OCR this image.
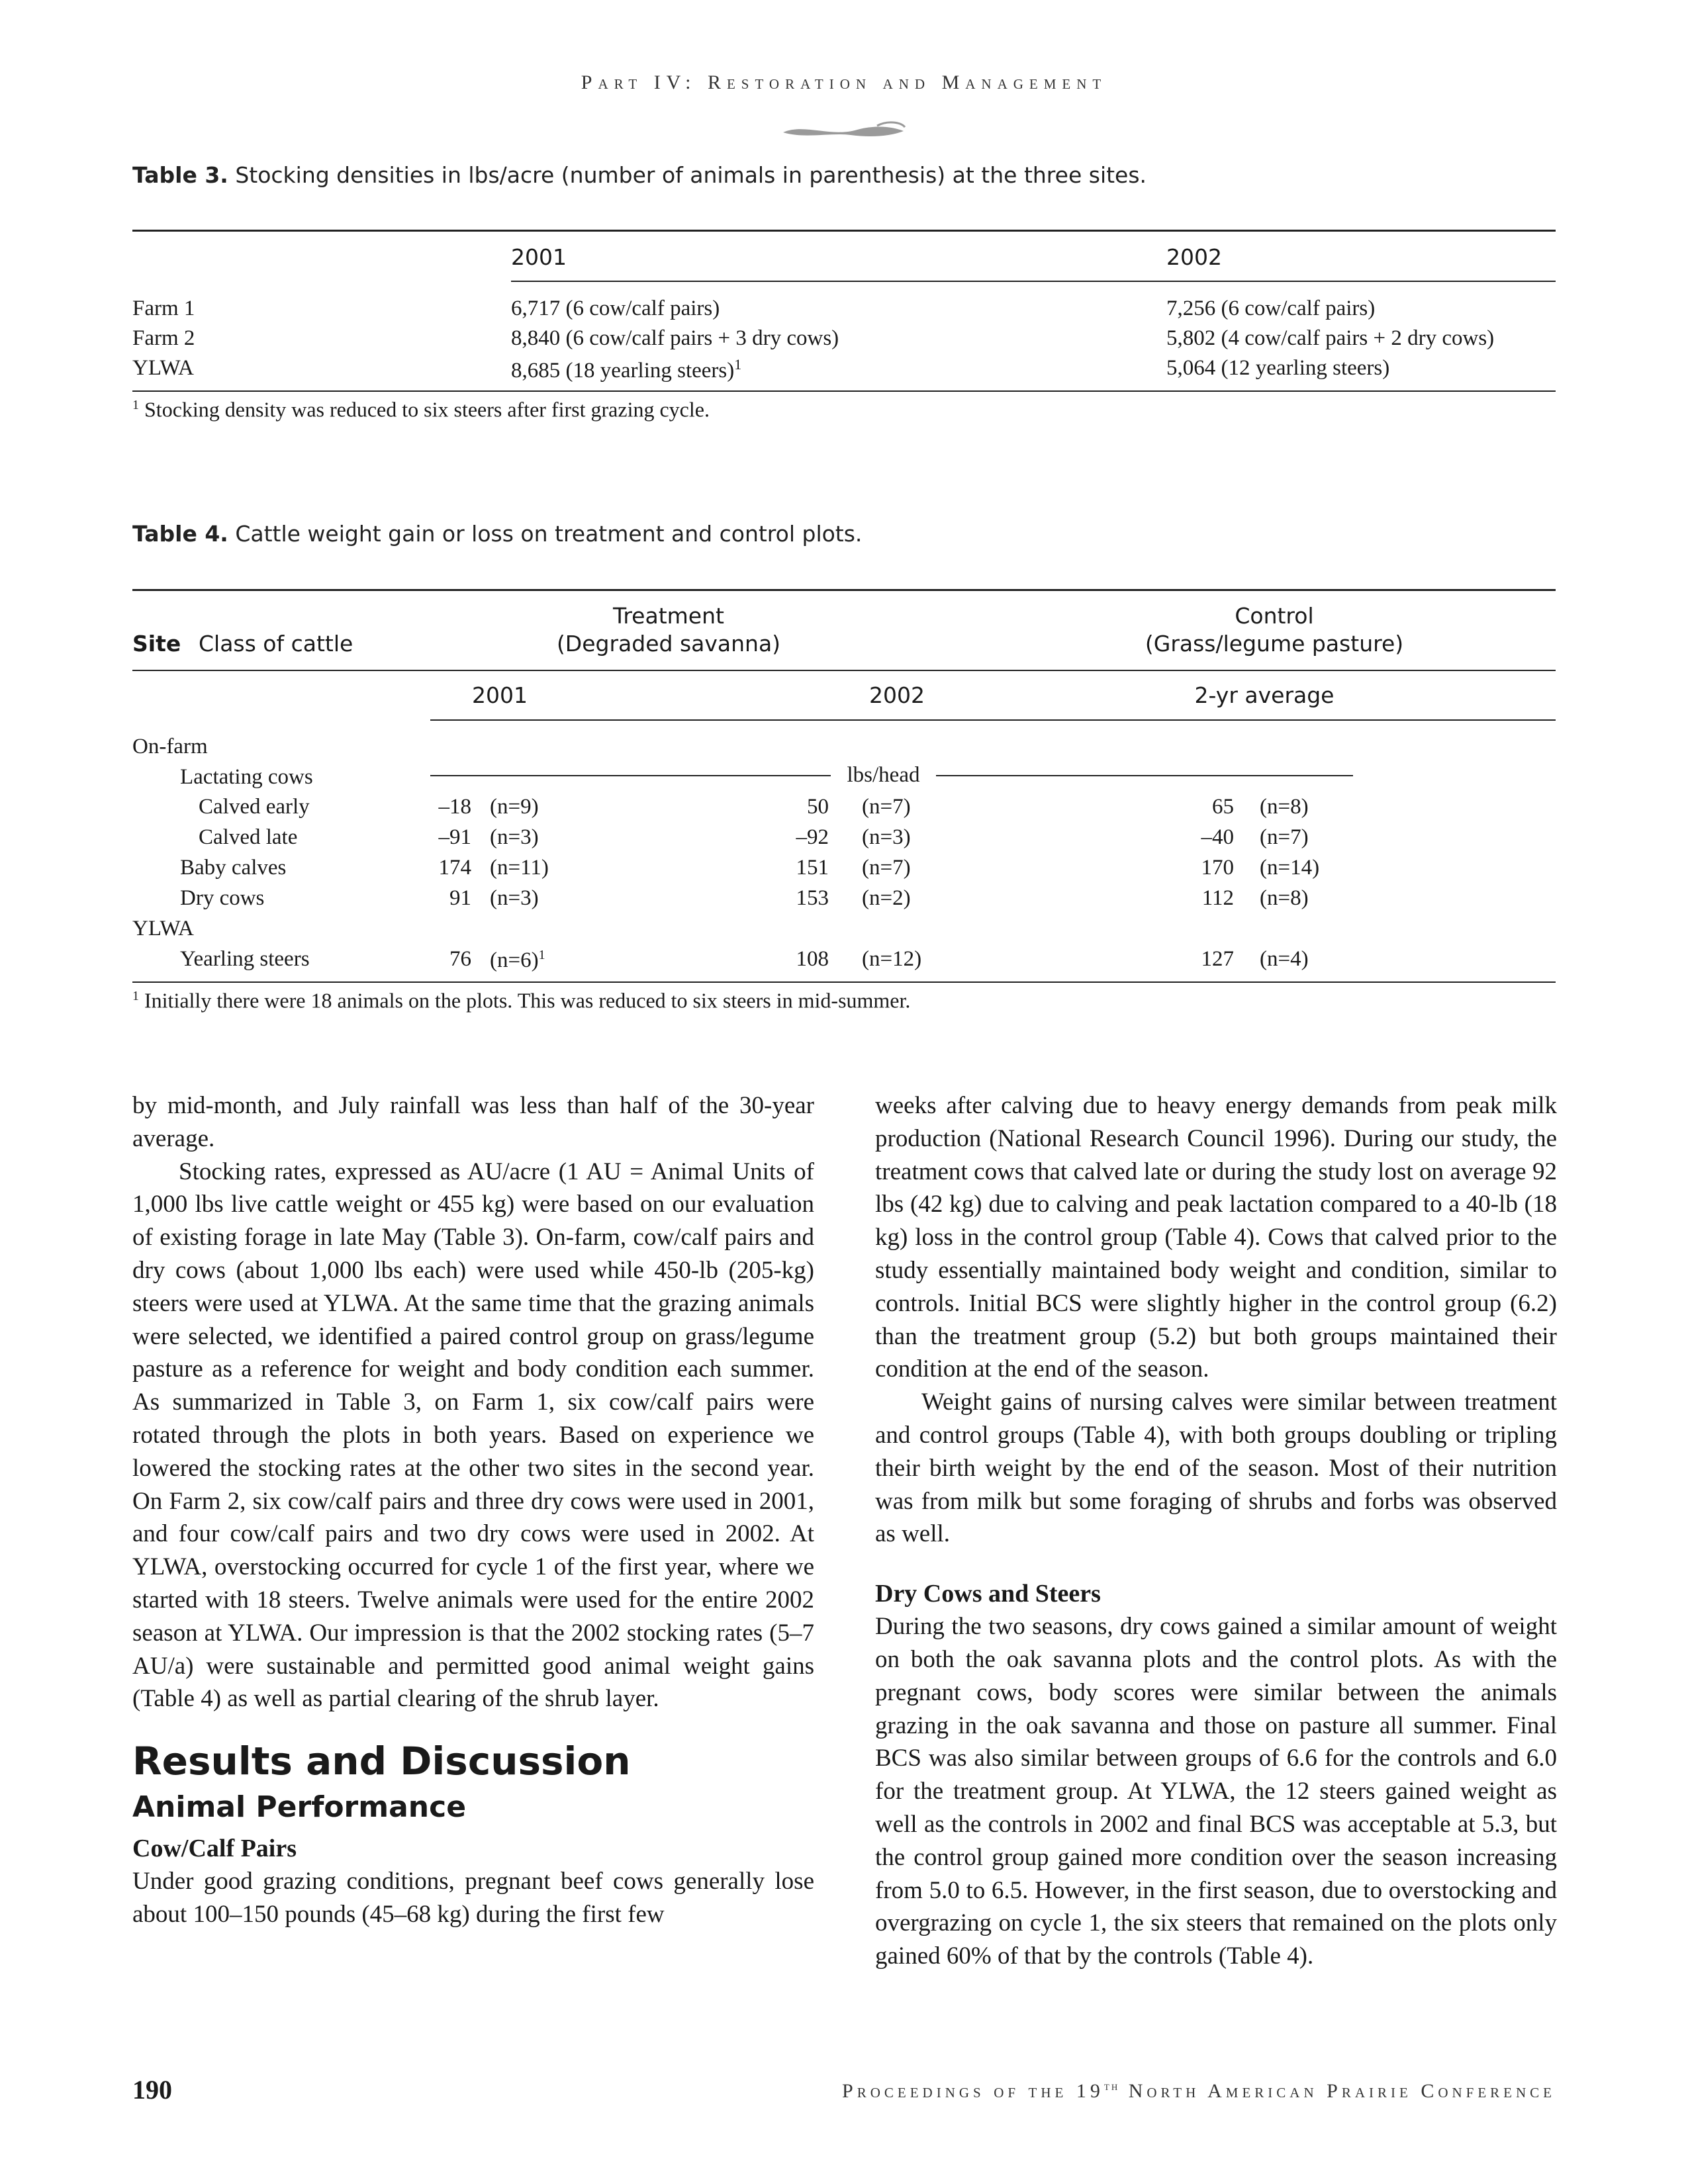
Part IV: Restoration and Management
Table 3. Stocking densities in lbs/acre (number of animals in parenthesis) at the three sites.
2001	2002
Farm 1	6,717 (6 cow/calf pairs)	7,256 (6 cow/calf pairs)
Farm 2	8,840 (6 cow/calf pairs + 3 dry cows)	5,802 (4 cow/calf pairs + 2 dry cows)
YLWA	8,685 (18 yearling steers)$^1$	5,064 (12 yearling steers)
$^1$ Stocking density was reduced to six steers after first grazing cycle.
Table 4. Cattle weight gain or loss on treatment and control plots.
Treatment
(Degraded savanna)
Control
(Grass/legume pasture)
Site Class of cattle
2001	2002	2-yr average
On-farm
Lactating cows	lbs/head
Calved early	–18 (n=9)	50 (n=7)	65 (n=8)
Calved late	–91 (n=3)	–92 (n=3)	–40 (n=7)
Baby calves	174 (n=11)	151 (n=7)	170 (n=14)
Dry cows	91 (n=3)	153 (n=2)	112 (n=8)
YLWA
Yearling steers	76 (n=6)$^1$	108 (n=12)	127 (n=4)
$^1$ Initially there were 18 animals on the plots. This was reduced to six steers in mid-summer.

by mid-month, and July rainfall was less than half of the 30-year average.

Stocking rates, expressed as AU/acre (1 AU = Animal Units of 1,000 lbs live cattle weight or 455 kg) were based on our evaluation of existing forage in late May (Table 3). On-farm, cow/calf pairs and dry cows (about 1,000 lbs each) were used while 450-lb (205-kg) steers were used at YLWA. At the same time that the grazing animals were selected, we identified a paired control group on grass/legume pasture as a reference for weight and body condition each summer. As summarized in Table 3, on Farm 1, six cow/calf pairs were rotated through the plots in both years. Based on experience we lowered the stocking rates at the other two sites in the second year. On Farm 2, six cow/calf pairs and three dry cows were used in 2001, and four cow/calf pairs and two dry cows were used in 2002. At YLWA, overstocking occurred for cycle 1 of the first year, where we started with 18 steers. Twelve animals were used for the entire 2002 season at YLWA. Our impression is that the 2002 stocking rates (5–7 AU/a) were sustainable and permitted good animal weight gains (Table 4) as well as partial clearing of the shrub layer.

Results and Discussion
Animal Performance
Cow/Calf Pairs

Under good grazing conditions, pregnant beef cows generally lose about 100–150 pounds (45–68 kg) during the first few

weeks after calving due to heavy energy demands from peak milk production (National Research Council 1996). During our study, the treatment cows that calved late or during the study lost on average 92 lbs (42 kg) due to calving and peak lactation compared to a 40-lb (18 kg) loss in the control group (Table 4). Cows that calved prior to the study essentially maintained body weight and condition, similar to controls. Initial BCS were slightly higher in the control group (6.2) than the treatment group (5.2) but both groups maintained their condition at the end of the season.

Weight gains of nursing calves were similar between treatment and control groups (Table 4), with both groups doubling or tripling their birth weight by the end of the season. Most of their nutrition was from milk but some foraging of shrubs and forbs was observed as well.

Dry Cows and Steers

During the two seasons, dry cows gained a similar amount of weight on both the oak savanna plots and the control plots. As with the pregnant cows, body scores were similar between the animals grazing in the oak savanna and those on pasture all summer. Final BCS was also similar between groups of 6.6 for the controls and 6.0 for the treatment group. At YLWA, the 12 steers gained weight as well as the controls in 2002 and final BCS was acceptable at 5.3, but the control group gained more condition over the season increasing from 5.0 to 6.5. However, in the first season, due to overstocking and overgrazing on cycle 1, the six steers that remained on the plots only gained 60% of that by the controls (Table 4).

190	Proceedings of the 19th North American Prairie Conference
